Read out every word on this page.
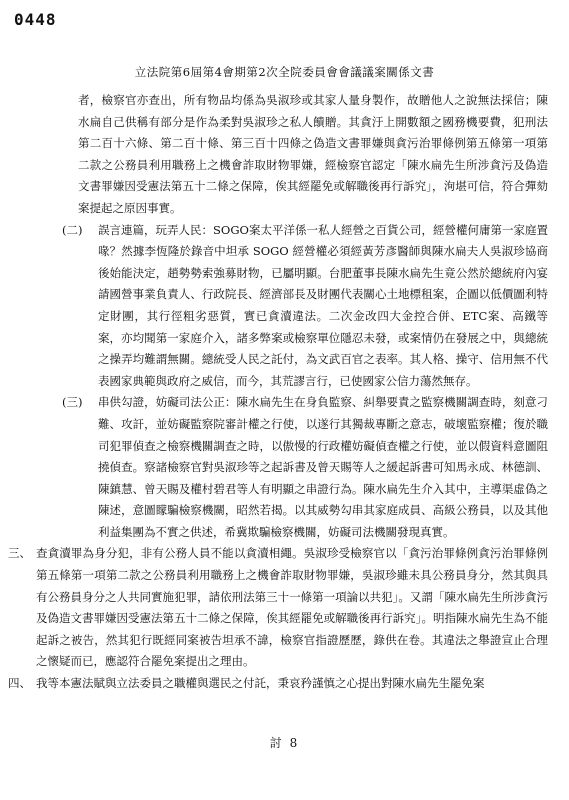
0448
立法院第6屆第4會期第2次全院委員會會議議案關係文書

者，檢察官亦查出，所有物品均係為吳淑珍或其家人量身製作，故贈他人之說無法採信；陳水扁自己供稱有部分是作為柔對吳淑珍之私人饋贈。其貪汙上開數額之國務機要費，犯刑法第二百十六條、第二百十條、第三百十四條之偽造文書罪嫌與貪污治罪條例第五條第一項第二款之公務員利用職務上之機會詐取財物罪嫌，經檢察官認定「陳水扁先生所涉貪污及偽造文書罪嫌因受憲法第五十二條之保障，俟其經罷免或解職後再行訴究」，洵堪可信，符合彈劾案提起之原因事實。

(二) 誤言連篇，玩弄人民：SOGO案太平洋係一私人經營之百貨公司，經營權何庸第一家庭置喙？然據李恆隆於錄音中坦承 SOGO 經營權必須經黃芳彥醫師與陳水扁夫人吳淑珍協商後始能決定，趙勢勢索強募財物，已屬明顯。台肥董事長陳水扁先生竟公然於總統府內宴請國營事業負責人、行政院長、經濟部長及財團代表關心土地標租案，企圖以低價圖利特定財團，其行徑粗劣惡質，實已貪瀆違法。二次金改四大金控合併、ETC案、高鐵等案，亦均聞第一家庭介入，諸多弊案或檢察單位隱忍未發，或案情仍在發展之中，與總統之操弄均難謂無關。總統受人民之託付，為文武百官之表率。其人格、操守、信用無不代表國家典範與政府之威信，而今，其荒謬言行，已使國家公信力蕩然無存。
(三) 串供勾證，妨礙司法公正：陳水扁先生在身負監察、糾舉要責之監察機關調查時，刻意刁難、攻訐，並妨礙監察院審計權之行使，以遂行其獨裁專斷之意志，破壞監察權；復於職司犯罪偵查之檢察機關調查之時，以傲慢的行政權妨礙偵查權之行使，並以假資料意圖阻撓偵查。察諸檢察官對吳淑珍等之起訴書及曾天賜等人之緩起訴書可知馬永成、林德訓、陳鎮慧、曾天賜及權村碧君等人有明顯之串證行為。陳水扁先生介入其中，主導渠虛偽之陳述，意圖矇騙檢察機關，昭然若揭。以其威勢勾串其家庭成員、高級公務員，以及其他利益集團為不實之供述，希冀欺騙檢察機關，妨礙司法機關發現真實。
三、 查貪瀆罪為身分犯，非有公務人員不能以貪瀆相繩。吳淑珍受檢察官以「貪污治罪條例貪污治罪條例第五條第一項第二款之公務員利用職務上之機會詐取財物罪嫌，吳淑珍雖未具公務員身分，然其與具有公務員身分之人共同實施犯罪，請依刑法第三十一條第一項論以共犯」。又謂「陳水扁先生所涉貪污及偽造文書罪嫌因受憲法第五十二條之保障，俟其經罷免或解職後再行訴究」。明指陳水扁先生為不能起訴之被告，然其犯行既經同案被告坦承不諱，檢察官指證歷歷，錄供在卷。其違法之舉證宣止合理之懷疑而已，應認符合罷免案提出之理由。
四、 我等本憲法賦與立法委員之職權與選民之付託，秉哀矜謹慎之心提出對陳水扁先生罷免案
討 8
